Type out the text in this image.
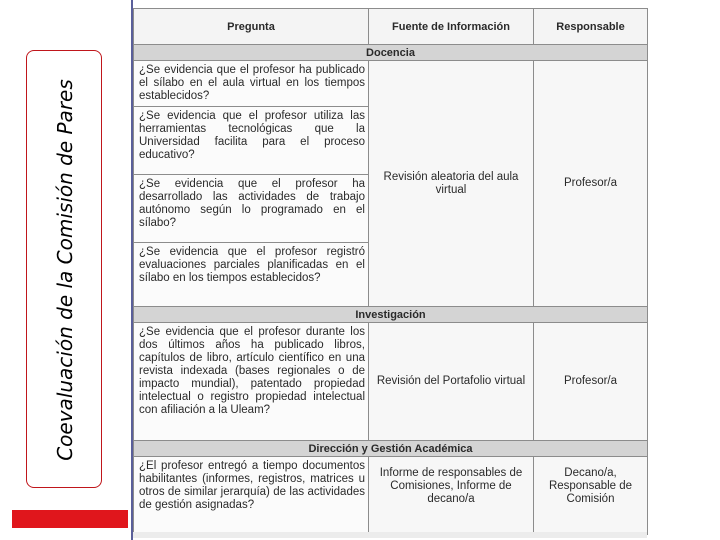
Coevaluación de la Comisión de Pares
Pregunta	Fuente de Información	Responsable
Docencia		
¿Se evidencia que el profesor ha publicado el sílabo en el aula virtual en los tiempos establecidos?	Revisión aleatoria del aula virtual	Profesor/a
¿Se evidencia que el profesor utiliza las herramientas tecnológicas que la Universidad facilita para el proceso educativo?		
¿Se evidencia que el profesor ha desarrollado las actividades de trabajo autónomo según lo programado en el sílabo?		
¿Se evidencia que el profesor registró evaluaciones parciales planificadas en el sílabo en los tiempos establecidos?		
Investigación		
¿Se evidencia que el profesor durante los dos últimos años ha publicado libros, capítulos de libro, artículo científico en una revista indexada (bases regionales o de impacto mundial), patentado propiedad intelectual o registro propiedad intelectual con afiliación a la Uleam?	Revisión del Portafolio virtual	Profesor/a
Dirección y Gestión Académica		
¿El profesor entregó a tiempo documentos habilitantes (informes, registros, matrices u otros de similar jerarquía) de las actividades de gestión asignadas?	Informe de responsables de Comisiones, Informe de decano/a	Decano/a, Responsable de Comisión
